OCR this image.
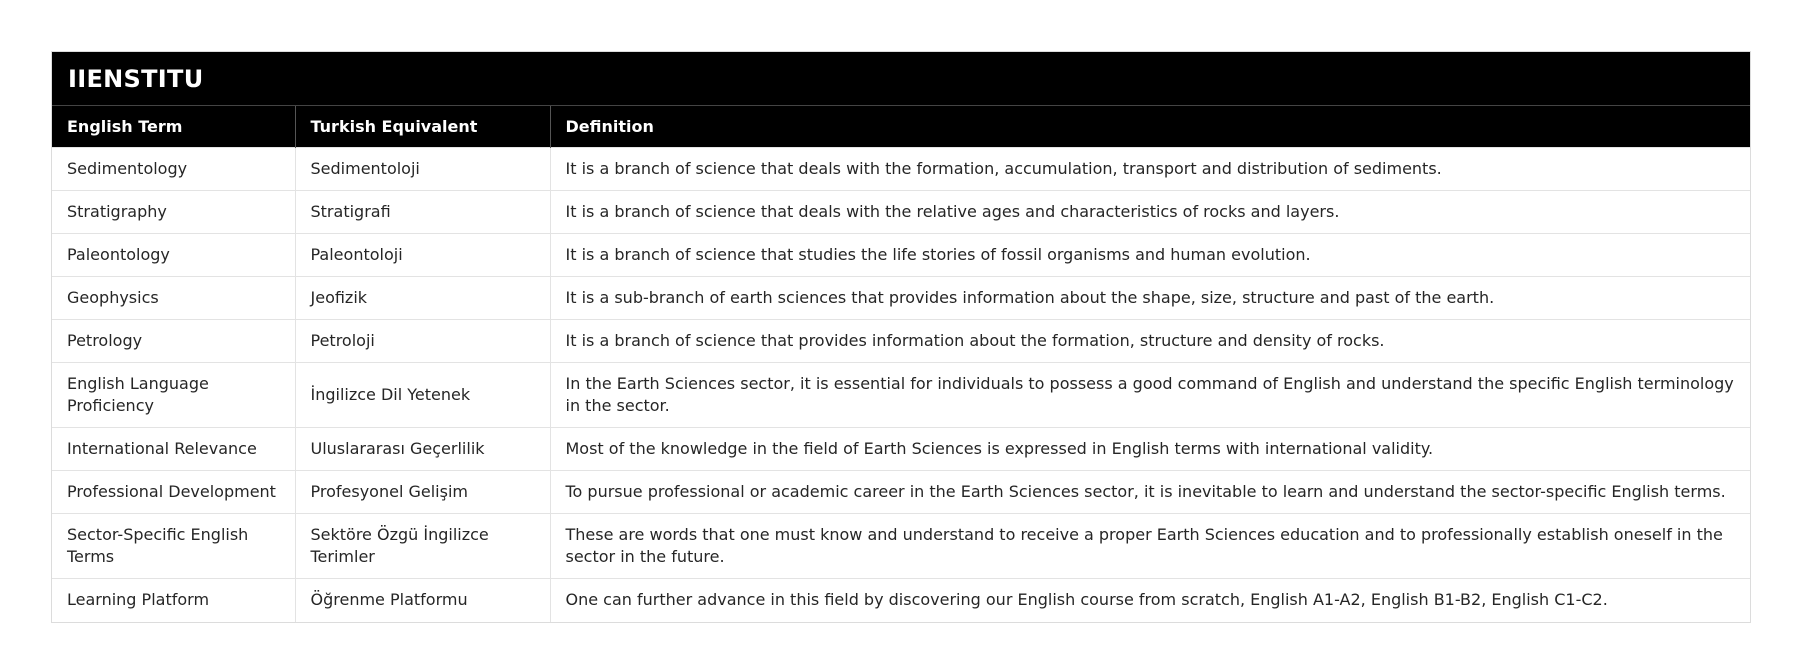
IIENSTITU
English Term	Turkish Equivalent	Definition
Sedimentology	Sedimentoloji	It is a branch of science that deals with the formation, accumulation, transport and distribution of sediments.
Stratigraphy	Stratigrafi	It is a branch of science that deals with the relative ages and characteristics of rocks and layers.
Paleontology	Paleontoloji	It is a branch of science that studies the life stories of fossil organisms and human evolution.
Geophysics	Jeofizik	It is a sub-branch of earth sciences that provides information about the shape, size, structure and past of the earth.
Petrology	Petroloji	It is a branch of science that provides information about the formation, structure and density of rocks.
English Language Proficiency	İngilizce Dil Yetenek	In the Earth Sciences sector, it is essential for individuals to possess a good command of English and understand the specific English terminology in the sector.
International Relevance	Uluslararası Geçerlilik	Most of the knowledge in the field of Earth Sciences is expressed in English terms with international validity.
Professional Development	Profesyonel Gelişim	To pursue professional or academic career in the Earth Sciences sector, it is inevitable to learn and understand the sector-specific English terms.
Sector-Specific English Terms	Sektöre Özgü İngilizce Terimler	These are words that one must know and understand to receive a proper Earth Sciences education and to professionally establish oneself in the sector in the future.
Learning Platform	Öğrenme Platformu	One can further advance in this field by discovering our English course from scratch, English A1-A2, English B1-B2, English C1-C2.
